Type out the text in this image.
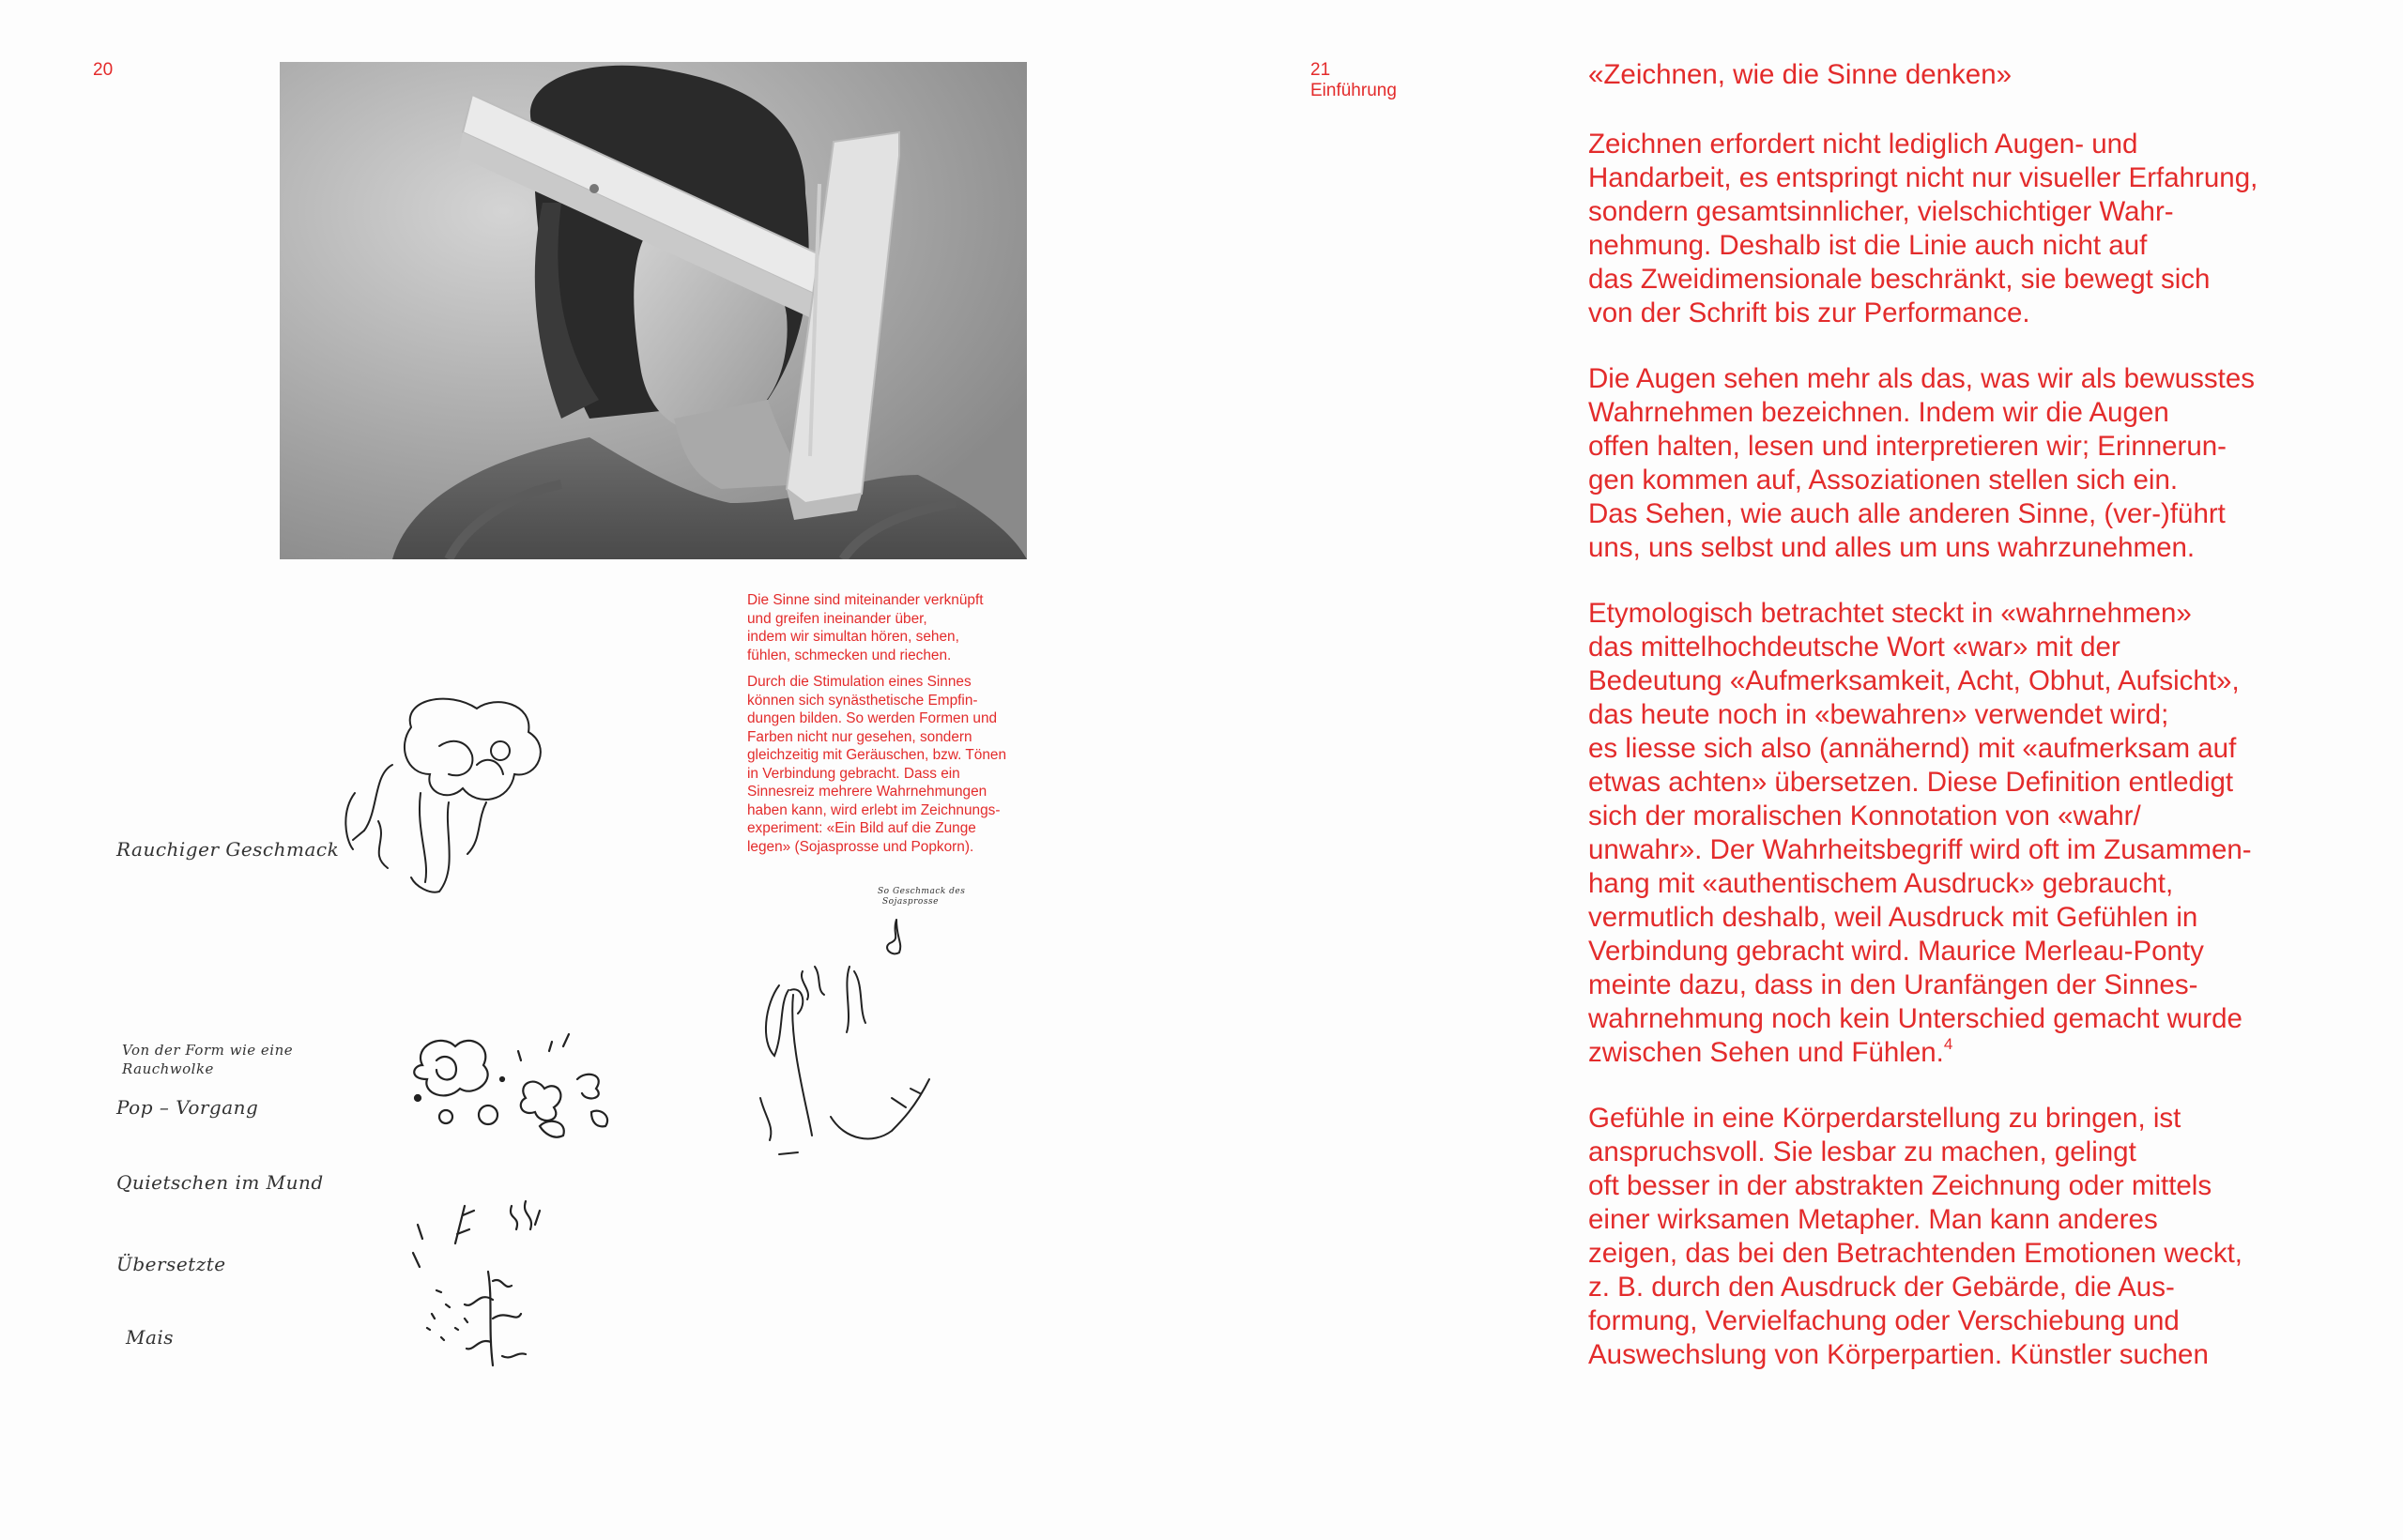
20	21
Einführung

Die Sinne sind miteinander verknüpft
und greifen ineinander über,
indem wir simultan hören, sehen,
fühlen, schmecken und riechen.

Durch die Stimulation eines Sinnes
können sich synästhetische Empfin-
dungen bilden. So werden Formen und
Farben nicht nur gesehen, sondern
gleichzeitig mit Geräuschen, bzw. Tönen
in Verbindung gebracht. Dass ein
Sinnesreiz mehrere Wahrnehmungen
haben kann, wird erlebt im Zeichnungs-
experiment: «Ein Bild auf die Zunge
legen» (Sojasprosse und Popkorn).

Rauchiger Geschmack
Von der Form wie eine
Rauchwolke
Pop – Vorgang
Quietschen im Mund
Übersetzte
Mais
So Geschmack des
Sojasprosse
«Zeichnen, wie die Sinne denken»

Zeichnen erfordert nicht lediglich Augen- und
Handarbeit, es entspringt nicht nur visueller Erfahrung,
sondern gesamtsinnlicher, vielschichtiger Wahr-
nehmung. Deshalb ist die Linie auch nicht auf
das Zweidimensionale beschränkt, sie bewegt sich
von der Schrift bis zur Performance.

Die Augen sehen mehr als das, was wir als bewusstes
Wahrnehmen bezeichnen. Indem wir die Augen
offen halten, lesen und interpretieren wir; Erinnerun-
gen kommen auf, Assoziationen stellen sich ein.
Das Sehen, wie auch alle anderen Sinne, (ver-)führt
uns, uns selbst und alles um uns wahrzunehmen.

Etymologisch betrachtet steckt in «wahrnehmen»
das mittelhochdeutsche Wort «war» mit der
Bedeutung «Aufmerksamkeit, Acht, Obhut, Aufsicht»,
das heute noch in «bewahren» verwendet wird;
es liesse sich also (annähernd) mit «aufmerksam auf
etwas achten» übersetzen. Diese Definition entledigt
sich der moralischen Konnotation von «wahr/
unwahr». Der Wahrheitsbegriff wird oft im Zusammen-
hang mit «authentischem Ausdruck» gebraucht,
vermutlich deshalb, weil Ausdruck mit Gefühlen in
Verbindung gebracht wird. Maurice Merleau-Ponty
meinte dazu, dass in den Uranfängen der Sinnes-
wahrnehmung noch kein Unterschied gemacht wurde
zwischen Sehen und Fühlen.$^4$

Gefühle in eine Körperdarstellung zu bringen, ist
anspruchsvoll. Sie lesbar zu machen, gelingt
oft besser in der abstrakten Zeichnung oder mittels
einer wirksamen Metapher. Man kann anderes
zeigen, das bei den Betrachtenden Emotionen weckt,
z. B. durch den Ausdruck der Gebärde, die Aus-
formung, Vervielfachung oder Verschiebung und
Auswechslung von Körperpartien. Künstler suchen
